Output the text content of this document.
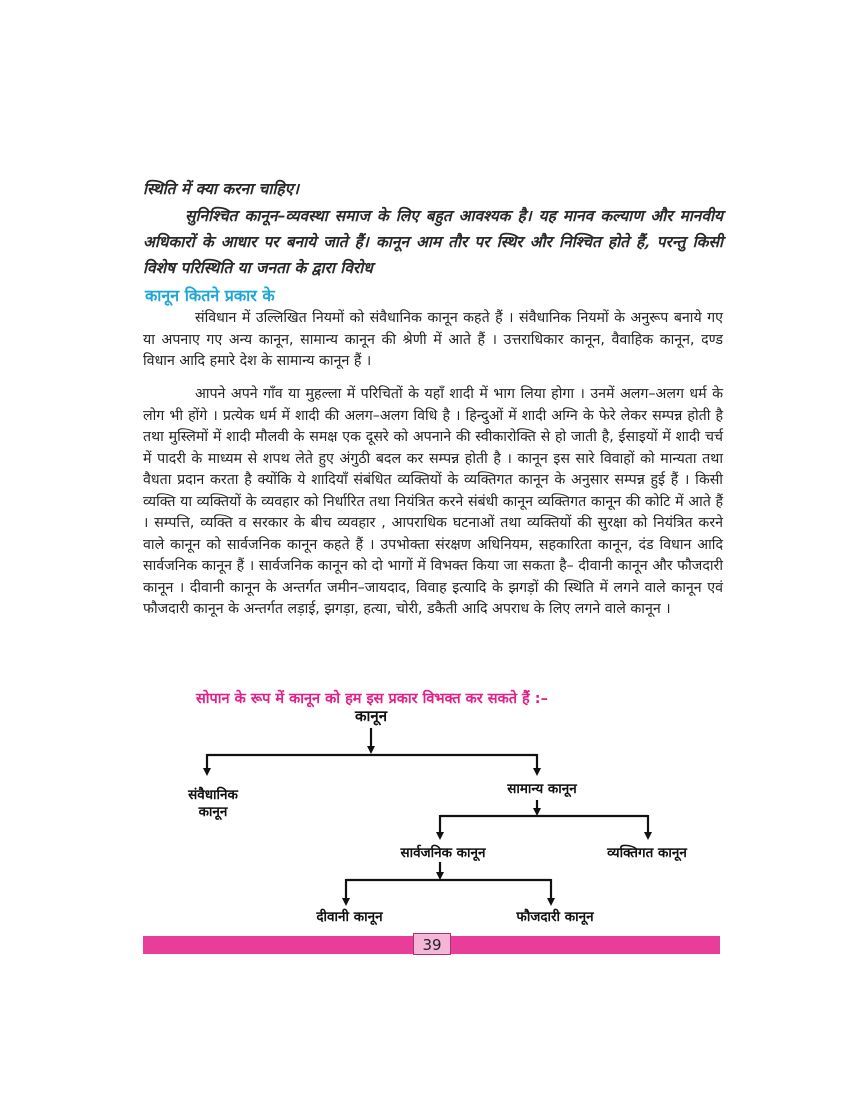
स्थिति में क्या करना चाहिए।

सुनिश्चित कानून–व्यवस्था समाज के लिए बहुत आवश्यक है। यह मानव कल्याण और मानवीय अधिकारों के आधार पर बनाये जाते हैं। कानून आम तौर पर स्थिर और निश्चित होते हैं, परन्तु किसी विशेष परिस्थिति या जनता के द्वारा विरोध

कानून कितने प्रकार के

संविधान में उल्लिखित नियमों को संवैधानिक कानून कहते हैं । संवैधानिक नियमों के अनुरूप बनाये गए या अपनाए गए अन्य कानून, सामान्य कानून की श्रेणी में आते हैं । उत्तराधिकार कानून, वैवाहिक कानून, दण्ड विधान आदि हमारे देश के सामान्य कानून हैं ।

आपने अपने गाँव या मुहल्ला में परिचितों के यहाँ शादी में भाग लिया होगा । उनमें अलग–अलग धर्म के लोग भी होंगे । प्रत्येक धर्म में शादी की अलग–अलग विधि है । हिन्दुओं में शादी अग्नि के फेरे लेकर सम्पन्न होती है तथा मुस्लिमों में शादी मौलवी के समक्ष एक दूसरे को अपनाने की स्वीकारोक्ति से हो जाती है, ईसाइयों में शादी चर्च में पादरी के माध्यम से शपथ लेते हुए अंगुठी बदल कर सम्पन्न होती है । कानून इस सारे विवाहों को मान्यता तथा वैधता प्रदान करता है क्योंकि ये शादियाँ संबंधित व्यक्तियों के व्यक्तिगत कानून के अनुसार सम्पन्न हुई हैं । किसी व्यक्ति या व्यक्तियों के व्यवहार को निर्धारित तथा नियंत्रित करने संबंधी कानून व्यक्तिगत कानून की कोटि में आते हैं । सम्पत्ति, व्यक्ति व सरकार के बीच व्यवहार , आपराधिक घटनाओं तथा व्यक्तियों की सुरक्षा को नियंत्रित करने वाले कानून को सार्वजनिक कानून कहते हैं । उपभोक्ता संरक्षण अधिनियम, सहकारिता कानून, दंड विधान आदि सार्वजनिक कानून हैं । सार्वजनिक कानून को दो भागों में विभक्त किया जा सकता है– दीवानी कानून और फौजदारी कानून । दीवानी कानून के अन्तर्गत जमीन–जायदाद, विवाह इत्यादि के झगड़ों की स्थिति में लगने वाले कानून एवं फौजदारी कानून के अन्तर्गत लड़ाई, झगड़ा, हत्या, चोरी, डकैती आदि अपराध के लिए लगने वाले कानून ।

सोपान के रूप में कानून को हम इस प्रकार विभक्त कर सकते हैं :–
कानून
संवैधानिक
कानून
सामान्य कानून
सार्वजनिक कानून	व्यक्तिगत कानून
दीवानी कानून	फौजदारी कानून
39
